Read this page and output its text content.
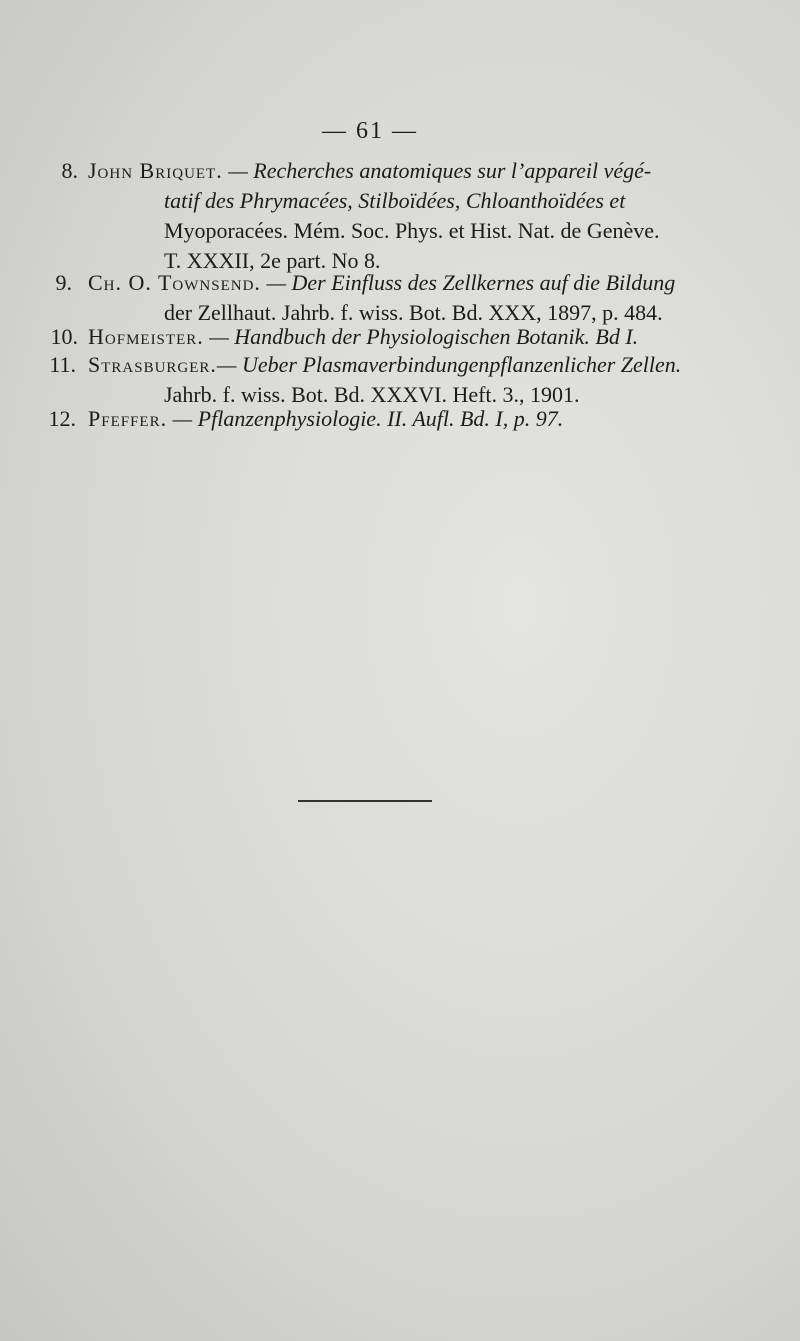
— 61 —
8. John Briquet. — Recherches anatomiques sur l’appareil végé-
tatif des Phrymacées, Stilboïdées, Chloanthoïdées et
Myoporacées. Mém. Soc. Phys. et Hist. Nat. de Genève.
T. XXXII, 2e part. No 8.
9. Ch. O. Townsend. — Der Einfluss des Zellkernes auf die Bildung
der Zellhaut. Jahrb. f. wiss. Bot. Bd. XXX, 1897, p. 484.
10. Hofmeister. — Handbuch der Physiologischen Botanik. Bd I.
11. Strasburger.— Ueber Plasmaverbindungenpflanzenlicher Zellen.
Jahrb. f. wiss. Bot. Bd. XXXVI. Heft. 3., 1901.
12. Pfeffer. — Pflanzenphysiologie. II. Aufl. Bd. I, p. 97.
